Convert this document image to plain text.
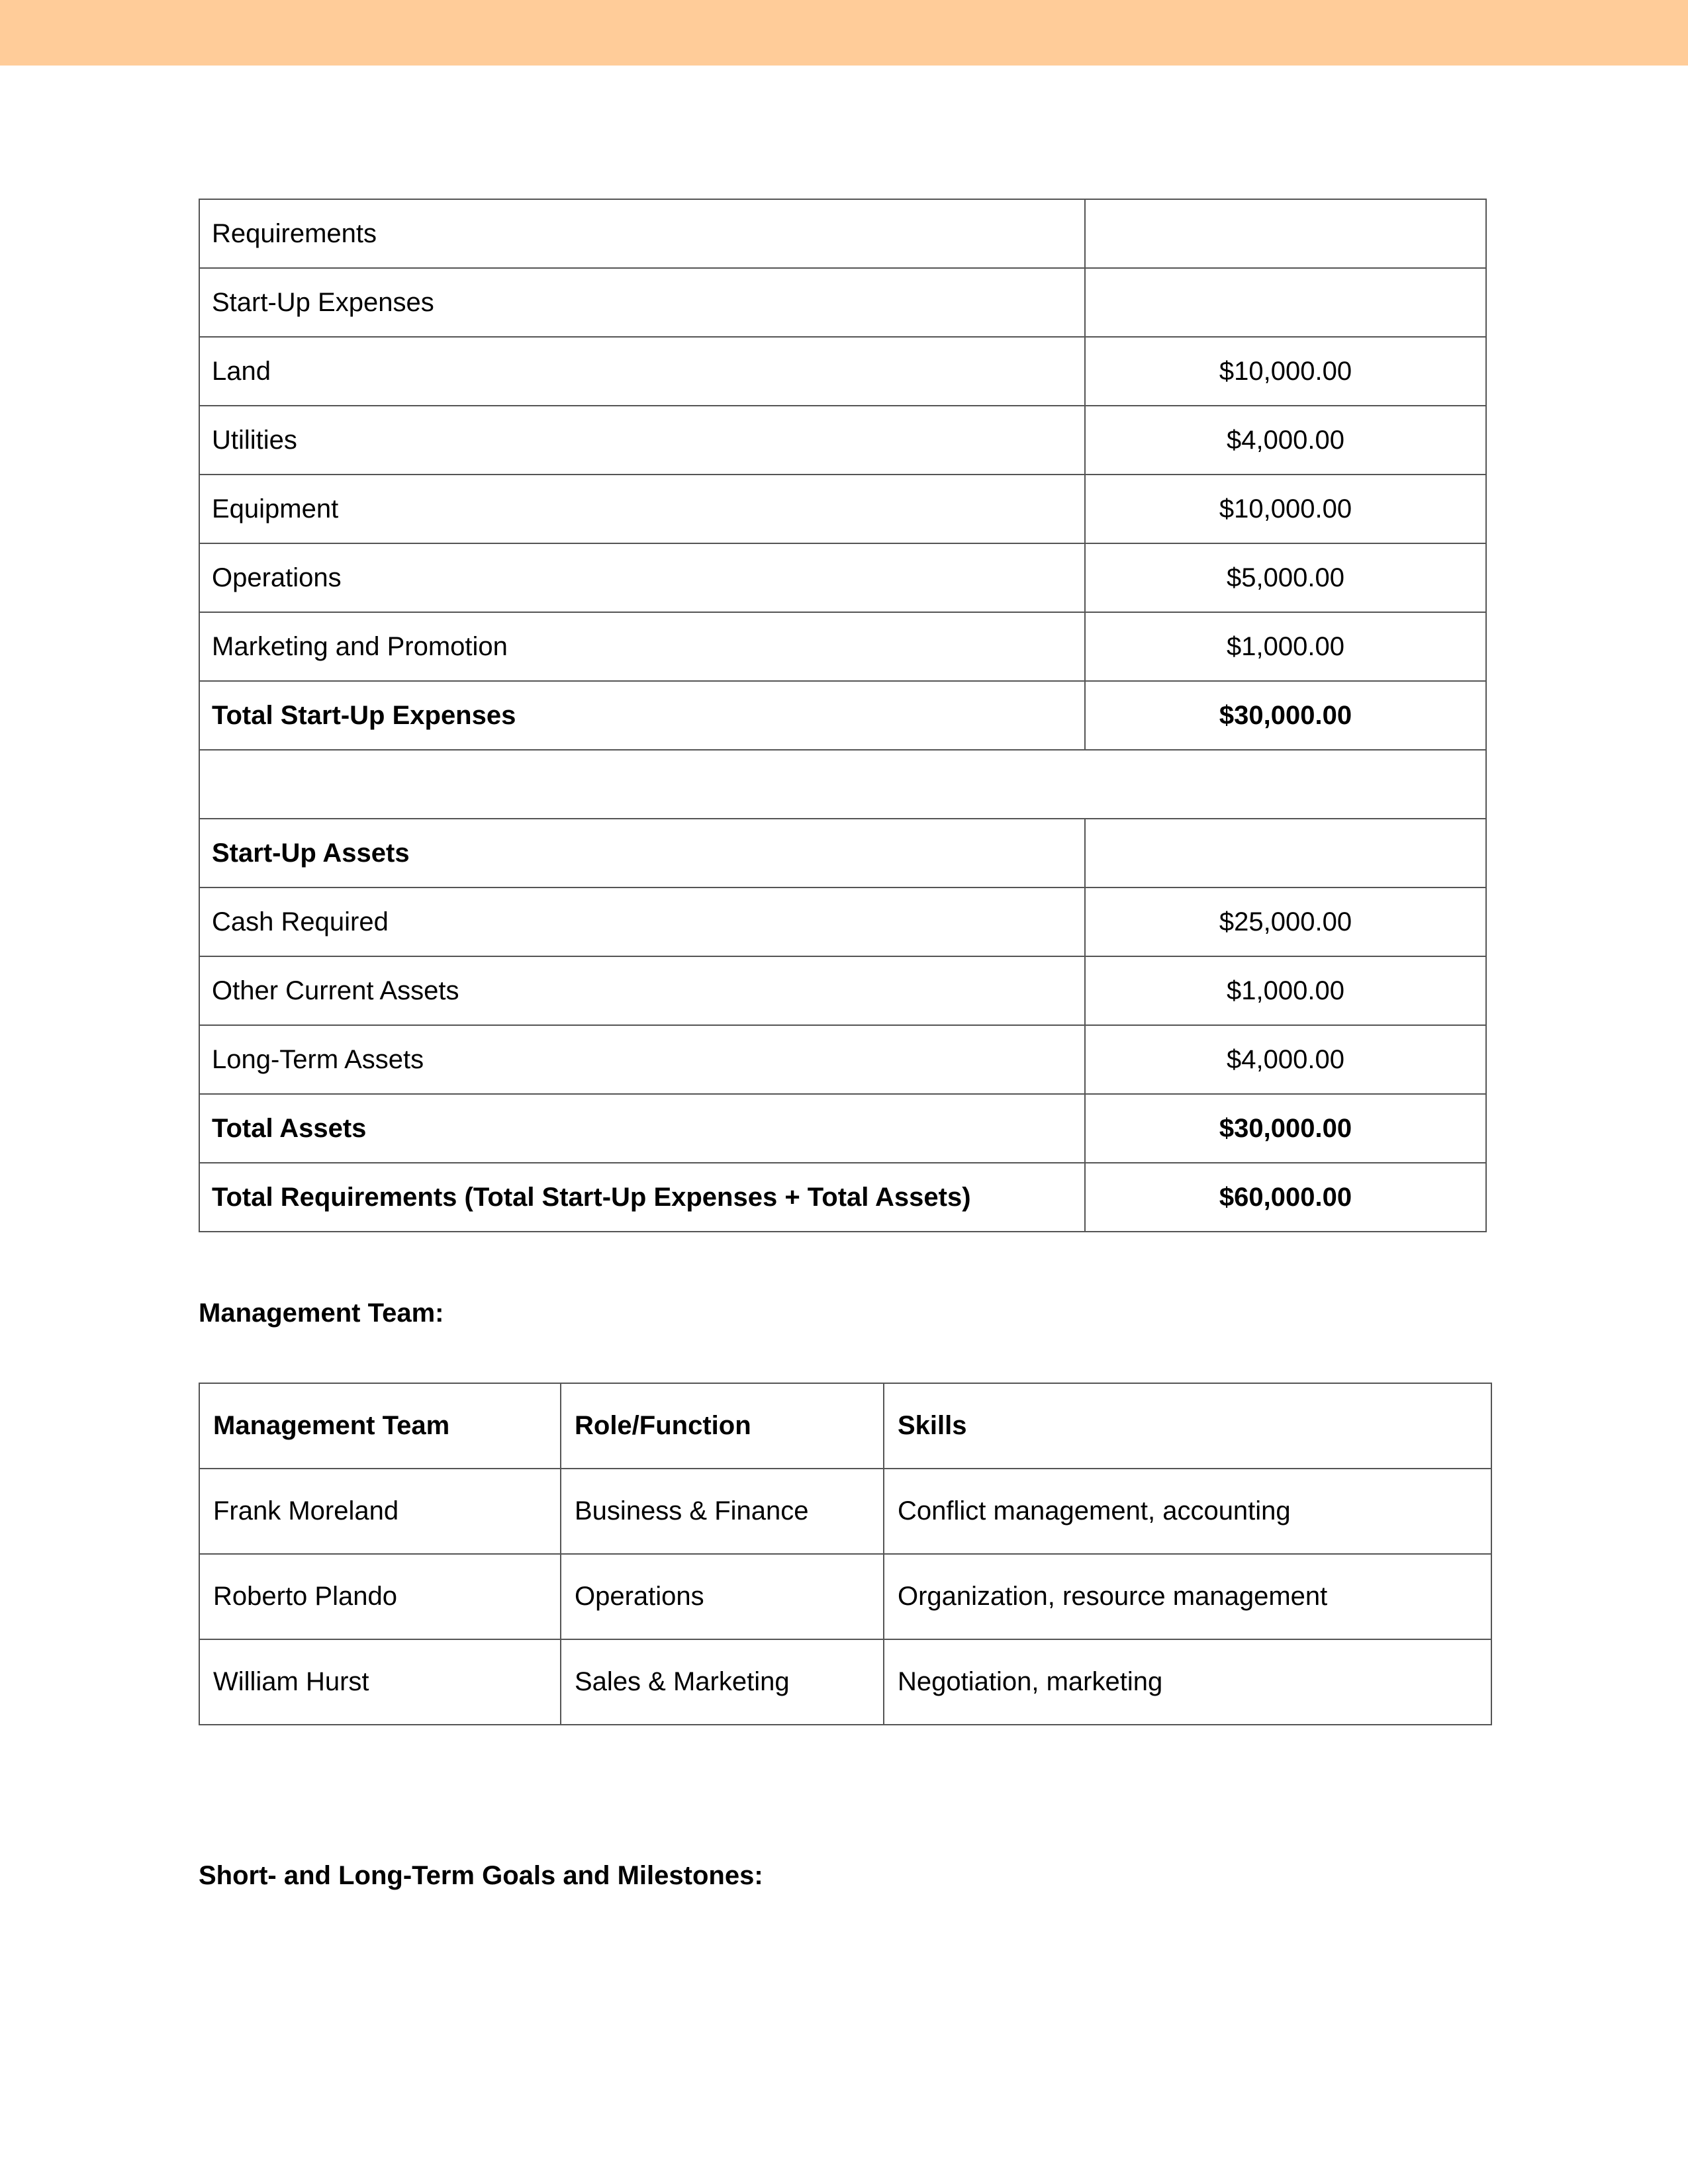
Requirements	
Start-Up Expenses	
Land	$10,000.00
Utilities	$4,000.00
Equipment	$10,000.00
Operations	$5,000.00
Marketing and Promotion	$1,000.00
Total Start-Up Expenses	$30,000.00

Start-Up Assets	
Cash Required	$25,000.00
Other Current Assets	$1,000.00
Long-Term Assets	$4,000.00
Total Assets	$30,000.00
Total Requirements (Total Start-Up Expenses + Total Assets)	$60,000.00
Management Team:
Management Team	Role/Function	Skills
Frank Moreland	Business & Finance	Conflict management, accounting
Roberto Plando	Operations	Organization, resource management
William Hurst	Sales & Marketing	Negotiation, marketing
Short- and Long-Term Goals and Milestones:
